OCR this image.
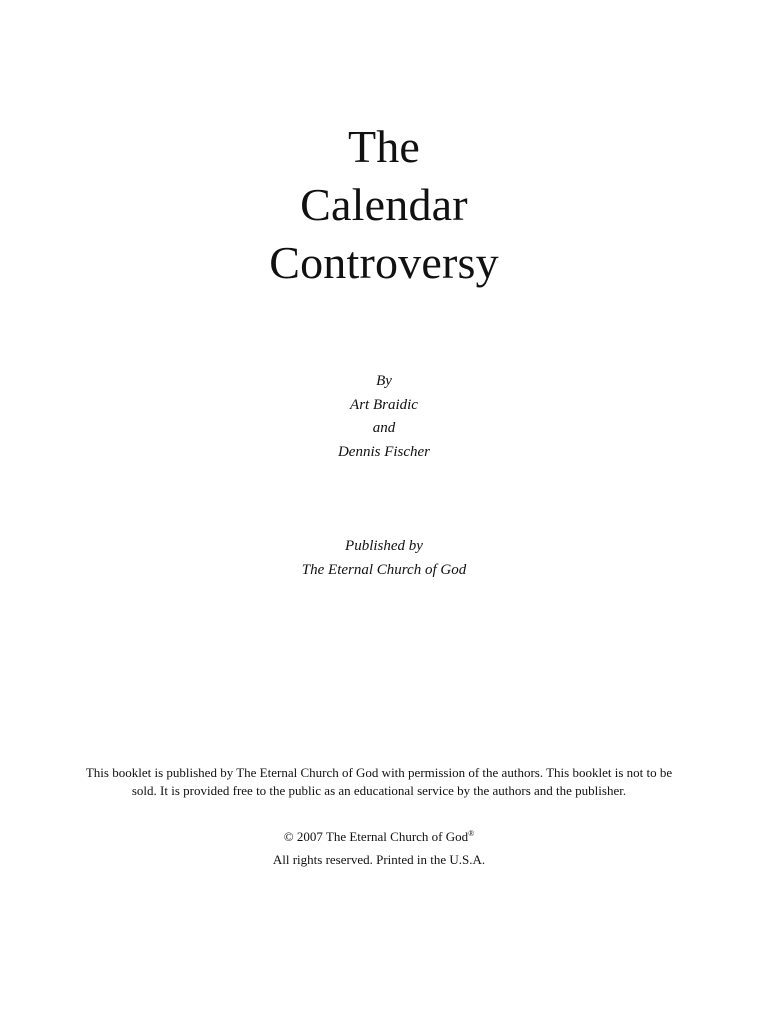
The
Calendar
Controversy
By
Art Braidic
and
Dennis Fischer
Published by
The Eternal Church of God
This booklet is published by The Eternal Church of God with permission of the authors. This booklet is not to be sold. It is provided free to the public as an educational service by the authors and the publisher.
© 2007 The Eternal Church of God®
All rights reserved. Printed in the U.S.A.
